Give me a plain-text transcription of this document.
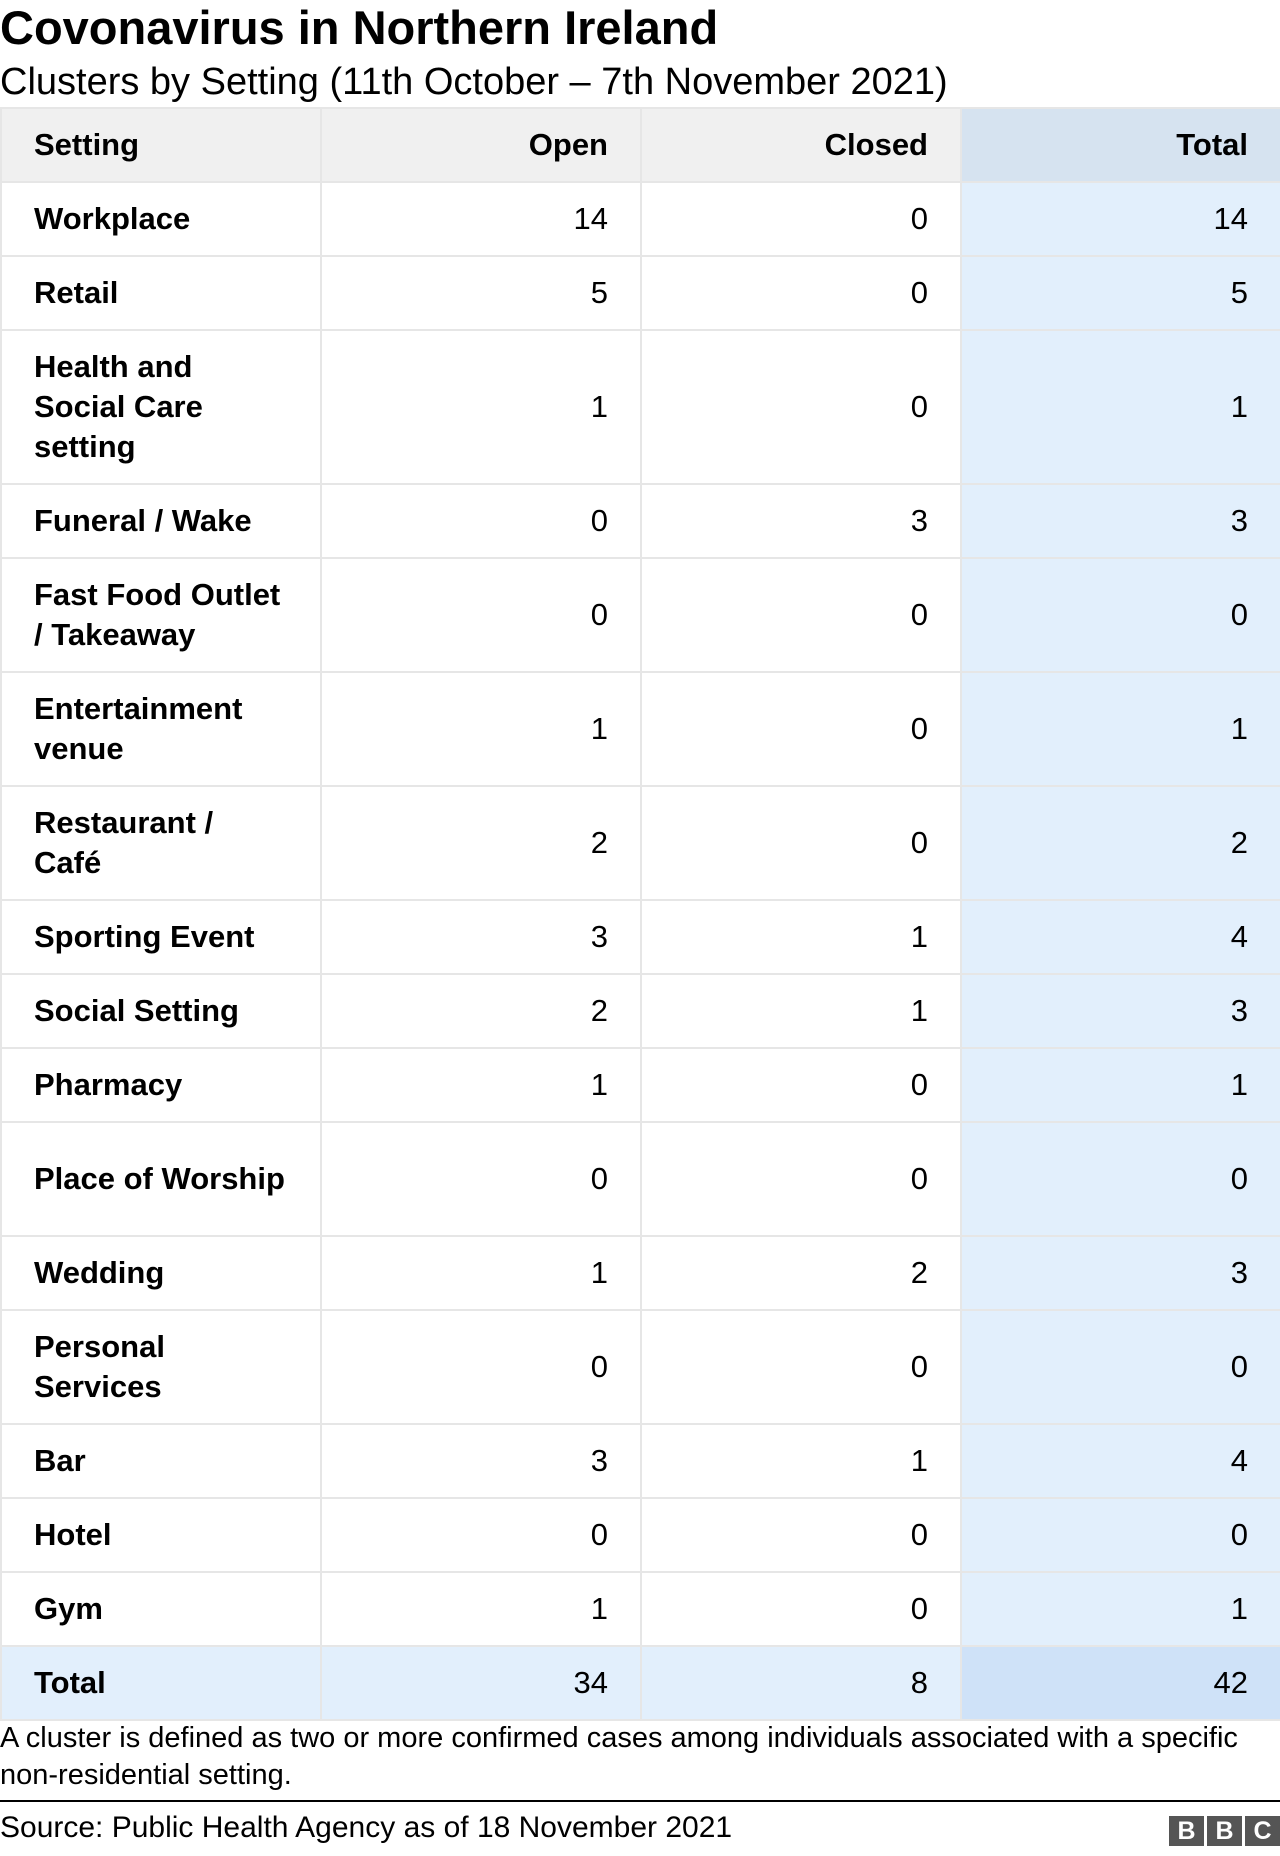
Covonavirus in Northern Ireland
Clusters by Setting (11th October – 7th November 2021)
Setting	Open	Closed	Total
Workplace	14	0	14
Retail	5	0	5
Health and Social Care setting	1	0	1
Funeral / Wake	0	3	3
Fast Food Outlet / Takeaway	0	0	0
Entertainment venue	1	0	1
Restaurant / Café	2	0	2
Sporting Event	3	1	4
Social Setting	2	1	3
Pharmacy	1	0	1
Place of Worship	0	0	0
Wedding	1	2	3
Personal Services	0	0	0
Bar	3	1	4
Hotel	0	0	0
Gym	1	0	1
Total	34	8	42
A cluster is defined as two or more confirmed cases among individuals associated with a specific non-residential setting.
Source: Public Health Agency as of 18 November 2021	B B C
